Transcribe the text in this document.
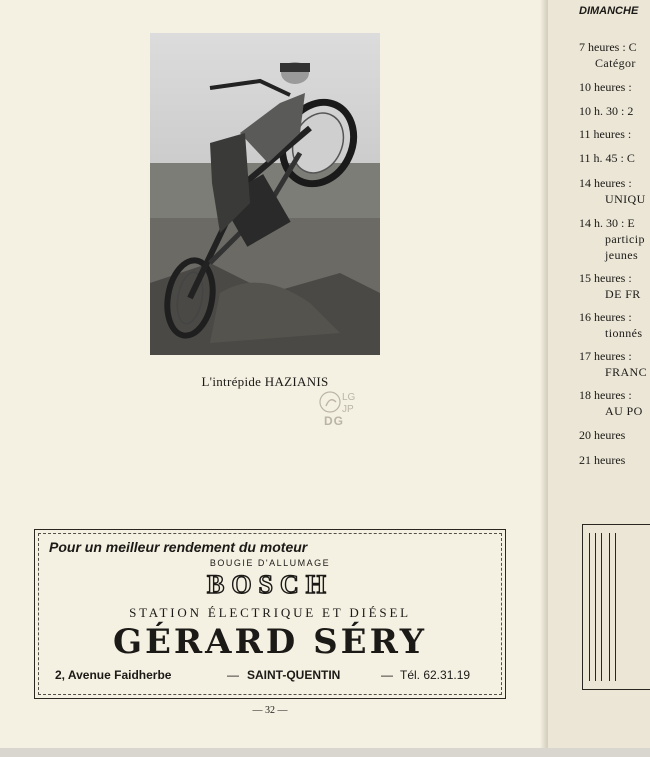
L'intrépide HAZIANIS
LG
JP
DG
Pour un meilleur rendement du moteur
BOUGIE D'ALLUMAGE
BOSCH
STATION ÉLECTRIQUE ET DIÉSEL
GÉRARD SÉRY
2, Avenue Faidherbe	— SAINT-QUENTIN	— Tél. 62.31.19
— 32 —
DIMANCHE
7 heures : C
Catégor
10 heures :
10 h. 30 : 2
11 heures :
11 h. 45 : C
14 heures :
UNIQU
14 h. 30 : E
particip
jeunes
15 heures :
DE FR
16 heures :
tionnés
17 heures :
FRANC
18 heures :
AU PO
20 heures
21 heures
